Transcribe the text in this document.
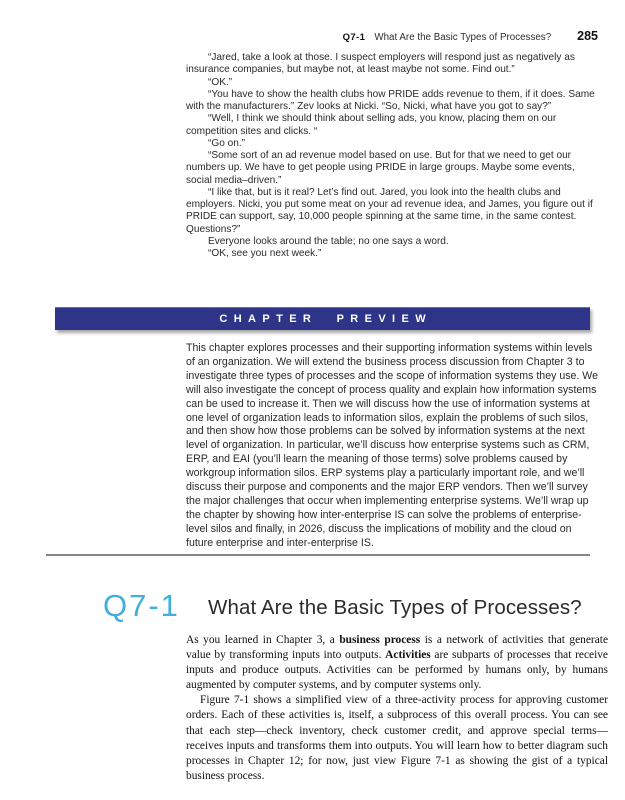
Q7-1 What Are the Basic Types of Processes? 285

“Jared, take a look at those. I suspect employers will respond just as negatively as insurance companies, but maybe not, at least maybe not some. Find out.”

“OK.”

“You have to show the health clubs how PRIDE adds revenue to them, if it does. Same with the manufacturers.” Zev looks at Nicki. “So, Nicki, what have you got to say?”

“Well, I think we should think about selling ads, you know, placing them on our competition sites and clicks. “

“Go on.”

“Some sort of an ad revenue model based on use. But for that we need to get our numbers up. We have to get people using PRIDE in large groups. Maybe some events, social media–driven.”

“I like that, but is it real? Let’s find out. Jared, you look into the health clubs and employers. Nicki, you put some meat on your ad revenue idea, and James, you figure out if PRIDE can support, say, 10,000 people spinning at the same time, in the same contest. Questions?”

Everyone looks around the table; no one says a word.

“OK, see you next week.”

CHAPTER PREVIEW

This chapter explores processes and their supporting information systems within levels of an organization. We will extend the business process discussion from Chapter 3 to investigate three types of processes and the scope of information systems they use. We will also investigate the concept of process quality and explain how information systems can be used to increase it. Then we will discuss how the use of information systems at one level of organization leads to information silos, explain the problems of such silos, and then show how those problems can be solved by information systems at the next level of organization. In particular, we’ll discuss how enterprise systems such as CRM, ERP, and EAI (you’ll learn the meaning of those terms) solve problems caused by workgroup information silos. ERP systems play a particularly important role, and we’ll discuss their purpose and components and the major ERP vendors. Then we’ll survey the major challenges that occur when implementing enterprise systems. We’ll wrap up the chapter by showing how inter-enterprise IS can solve the problems of enterprise-level silos and finally, in 2026, discuss the implications of mobility and the cloud on future enterprise and inter-enterprise IS.

Q7-1 What Are the Basic Types of Processes?

As you learned in Chapter 3, a business process is a network of activities that generate value by transforming inputs into outputs. Activities are subparts of processes that receive inputs and produce outputs. Activities can be performed by humans only, by humans augmented by computer systems, and by computer systems only.

Figure 7-1 shows a simplified view of a three-activity process for approving customer orders. Each of these activities is, itself, a subprocess of this overall process. You can see that each step—check inventory, check customer credit, and approve special terms—receives inputs and transforms them into outputs. You will learn how to better diagram such processes in Chapter 12; for now, just view Figure 7-1 as showing the gist of a typical business process.
